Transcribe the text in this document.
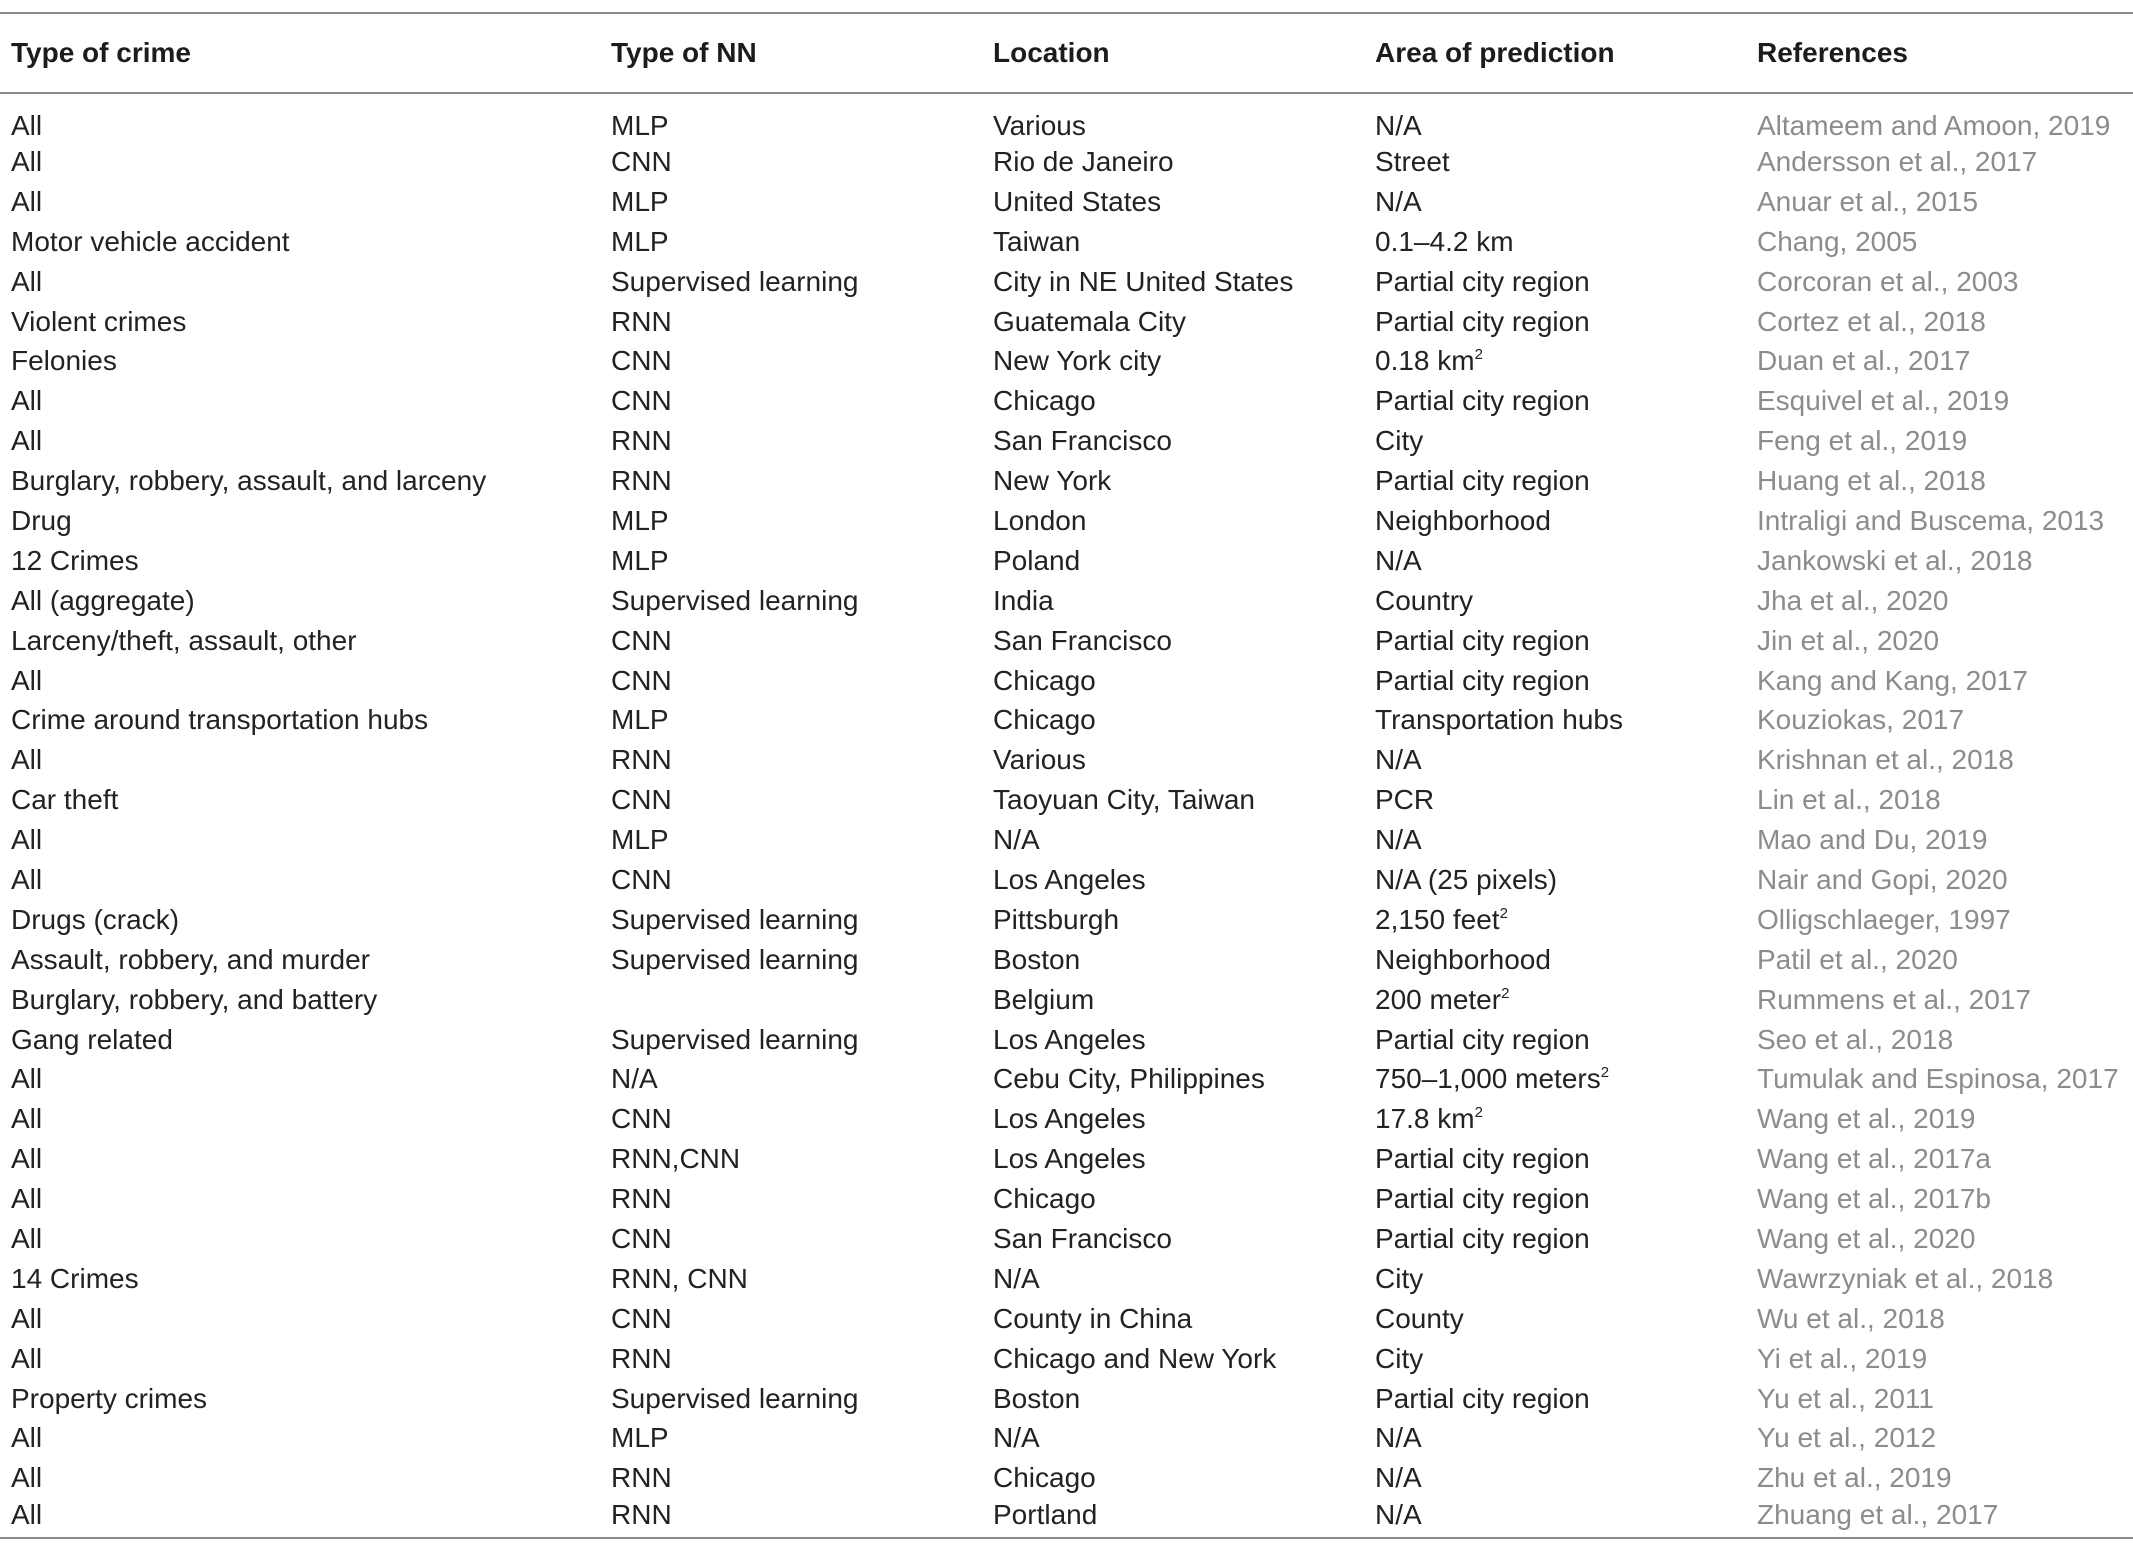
Type of crime	Type of NN	Location	Area of prediction	References
All	MLP	Various	N/A	Altameem and Amoon, 2019
All	CNN	Rio de Janeiro	Street	Andersson et al., 2017
All	MLP	United States	N/A	Anuar et al., 2015
Motor vehicle accident	MLP	Taiwan	0.1–4.2 km	Chang, 2005
All	Supervised learning	City in NE United States	Partial city region	Corcoran et al., 2003
Violent crimes	RNN	Guatemala City	Partial city region	Cortez et al., 2018
Felonies	CNN	New York city	0.18 $km^2$	Duan et al., 2017
All	CNN	Chicago	Partial city region	Esquivel et al., 2019
All	RNN	San Francisco	City	Feng et al., 2019
Burglary, robbery, assault, and larceny	RNN	New York	Partial city region	Huang et al., 2018
Drug	MLP	London	Neighborhood	Intraligi and Buscema, 2013
12 Crimes	MLP	Poland	N/A	Jankowski et al., 2018
All (aggregate)	Supervised learning	India	Country	Jha et al., 2020
Larceny/theft, assault, other	CNN	San Francisco	Partial city region	Jin et al., 2020
All	CNN	Chicago	Partial city region	Kang and Kang, 2017
Crime around transportation hubs	MLP	Chicago	Transportation hubs	Kouziokas, 2017
All	RNN	Various	N/A	Krishnan et al., 2018
Car theft	CNN	Taoyuan City, Taiwan	PCR	Lin et al., 2018
All	MLP	N/A	N/A	Mao and Du, 2019
All	CNN	Los Angeles	N/A (25 pixels)	Nair and Gopi, 2020
Drugs (crack)	Supervised learning	Pittsburgh	2,150 feet$^2$	Olligschlaeger, 1997
Assault, robbery, and murder	Supervised learning	Boston	Neighborhood	Patil et al., 2020
Burglary, robbery, and battery		Belgium	200 meter$^2$	Rummens et al., 2017
Gang related	Supervised learning	Los Angeles	Partial city region	Seo et al., 2018
All	N/A	Cebu City, Philippines	750–1,000 meters$^2$	Tumulak and Espinosa, 2017
All	CNN	Los Angeles	17.8 $km^2$	Wang et al., 2019
All	RNN,CNN	Los Angeles	Partial city region	Wang et al., 2017a
All	RNN	Chicago	Partial city region	Wang et al., 2017b
All	CNN	San Francisco	Partial city region	Wang et al., 2020
14 Crimes	RNN, CNN	N/A	City	Wawrzyniak et al., 2018
All	CNN	County in China	County	Wu et al., 2018
All	RNN	Chicago and New York	City	Yi et al., 2019
Property crimes	Supervised learning	Boston	Partial city region	Yu et al., 2011
All	MLP	N/A	N/A	Yu et al., 2012
All	RNN	Chicago	N/A	Zhu et al., 2019
All	RNN	Portland	N/A	Zhuang et al., 2017
